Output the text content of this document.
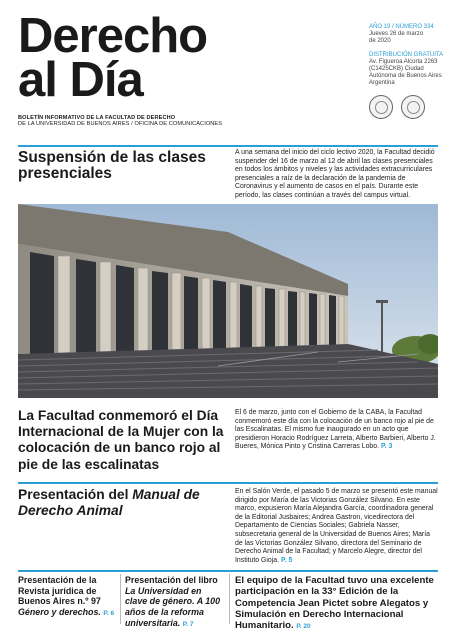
Derecho
al Día
BOLETÍN INFORMATIVO DE LA FACULTAD DE DERECHO
DE LA UNIVERSIDAD DE BUENOS AIRES / OFICINA DE COMUNICACIONES
AÑO 19 / NÚMERO 334
Jueves 26 de marzo
de 2020
DISTRIBUCIÓN GRATUITA
Av. Figueroa Alcorta 2263
(C1425CKB) Ciudad
Autónoma de Buenos Aires
Argentina
Suspensión de las clases
presenciales
A una semana del inicio del ciclo lectivo 2020, la Facultad decidió suspender del 16 de marzo al 12 de abril las clases presenciales en todos los ámbitos y niveles y las actividades extracurriculares presenciales a raíz de la declaración de la pandemia de Coronavirus y el aumento de casos en el país. Durante este período, las clases continúan a través del campus virtual.
La Facultad conmemoró el Día Internacional de la Mujer con la colocación de un banco rojo al pie de las escalinatas
El 6 de marzo, junto con el Gobierno de la CABA, la Facultad conmemoró este día con la colocación de un banco rojo al pie de las Escalinatas. El mismo fue inaugurado en un acto que presidieron Horacio Rodríguez Larreta, Alberto Barbieri, Alberto J. Bueres, Mónica Pinto y Cristina Carreras Lobo. P. 3
Presentación del Manual de Derecho Animal
En el Salón Verde, el pasado 5 de marzo se presentó este manual dirigido por María de las Victorias González Silvano. En este marco, expusieron María Alejandra García, coordinadora general de la Editorial Jusbaires; Andrea Gastron, vicedirectora del Departamento de Ciencias Sociales; Gabriela Nasser, subsecretaria general de la Universidad de Buenos Aires; María de las Victorias González Silvano, directora del Seminario de Derecho Animal de la Facultad; y Marcelo Alegre, director del Instituto Gioja. P. 5
Presentación de la Revista jurídica de Buenos Aires n.º 97 Género y derechos. P. 6
Presentación del libro La Universidad en clave de género. A 100 años de la reforma universitaria. P. 7
El equipo de la Facultad tuvo una excelente participación en la 33° Edición de la Competencia Jean Pictet sobre Alegatos y Simulación en Derecho Internacional Humanitario. P. 20
